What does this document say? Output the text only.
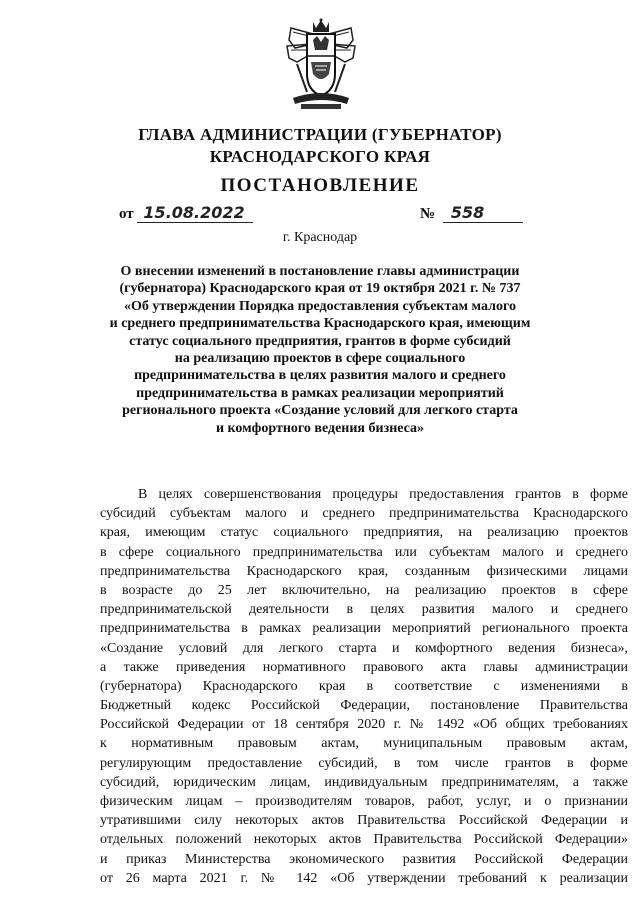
ГЛАВА АДМИНИСТРАЦИИ (ГУБЕРНАТОР)
КРАСНОДАРСКОГО КРАЯ
ПОСТАНОВЛЕНИЕ
от 15.08.2022	№ 558
г. Краснодар
О внесении изменений в постановление главы администрации
(губернатора) Краснодарского края от 19 октября 2021 г. № 737
«Об утверждении Порядка предоставления субъектам малого
и среднего предпринимательства Краснодарского края, имеющим
статус социального предприятия, грантов в форме субсидий
на реализацию проектов в сфере социального
предпринимательства в целях развития малого и среднего
предпринимательства в рамках реализации мероприятий
регионального проекта «Создание условий для легкого старта
и комфортного ведения бизнеса»
В целях совершенствования процедуры предоставления грантов в форме
субсидий субъектам малого и среднего предпринимательства Краснодарского
края, имеющим статус социального предприятия, на реализацию проектов
в сфере социального предпринимательства или субъектам малого и среднего
предпринимательства Краснодарского края, созданным физическими лицами
в возрасте до 25 лет включительно, на реализацию проектов в сфере
предпринимательской деятельности в целях развития малого и среднего
предпринимательства в рамках реализации мероприятий регионального проекта
«Создание условий для легкого старта и комфортного ведения бизнеса»,
а также приведения нормативного правового акта главы администрации
(губернатора) Краснодарского края в соответствие с изменениями в
Бюджетный кодекс Российской Федерации, постановление Правительства
Российской Федерации от 18 сентября 2020 г. № 1492 «Об общих требованиях
к нормативным правовым актам, муниципальным правовым актам,
регулирующим предоставление субсидий, в том числе грантов в форме
субсидий, юридическим лицам, индивидуальным предпринимателям, а также
физическим лицам – производителям товаров, работ, услуг, и о признании
утратившими силу некоторых актов Правительства Российской Федерации и
отдельных положений некоторых актов Правительства Российской Федерации»
и приказ Министерства экономического развития Российской Федерации
от 26 марта 2021 г. № 142 «Об утверждении требований к реализации
